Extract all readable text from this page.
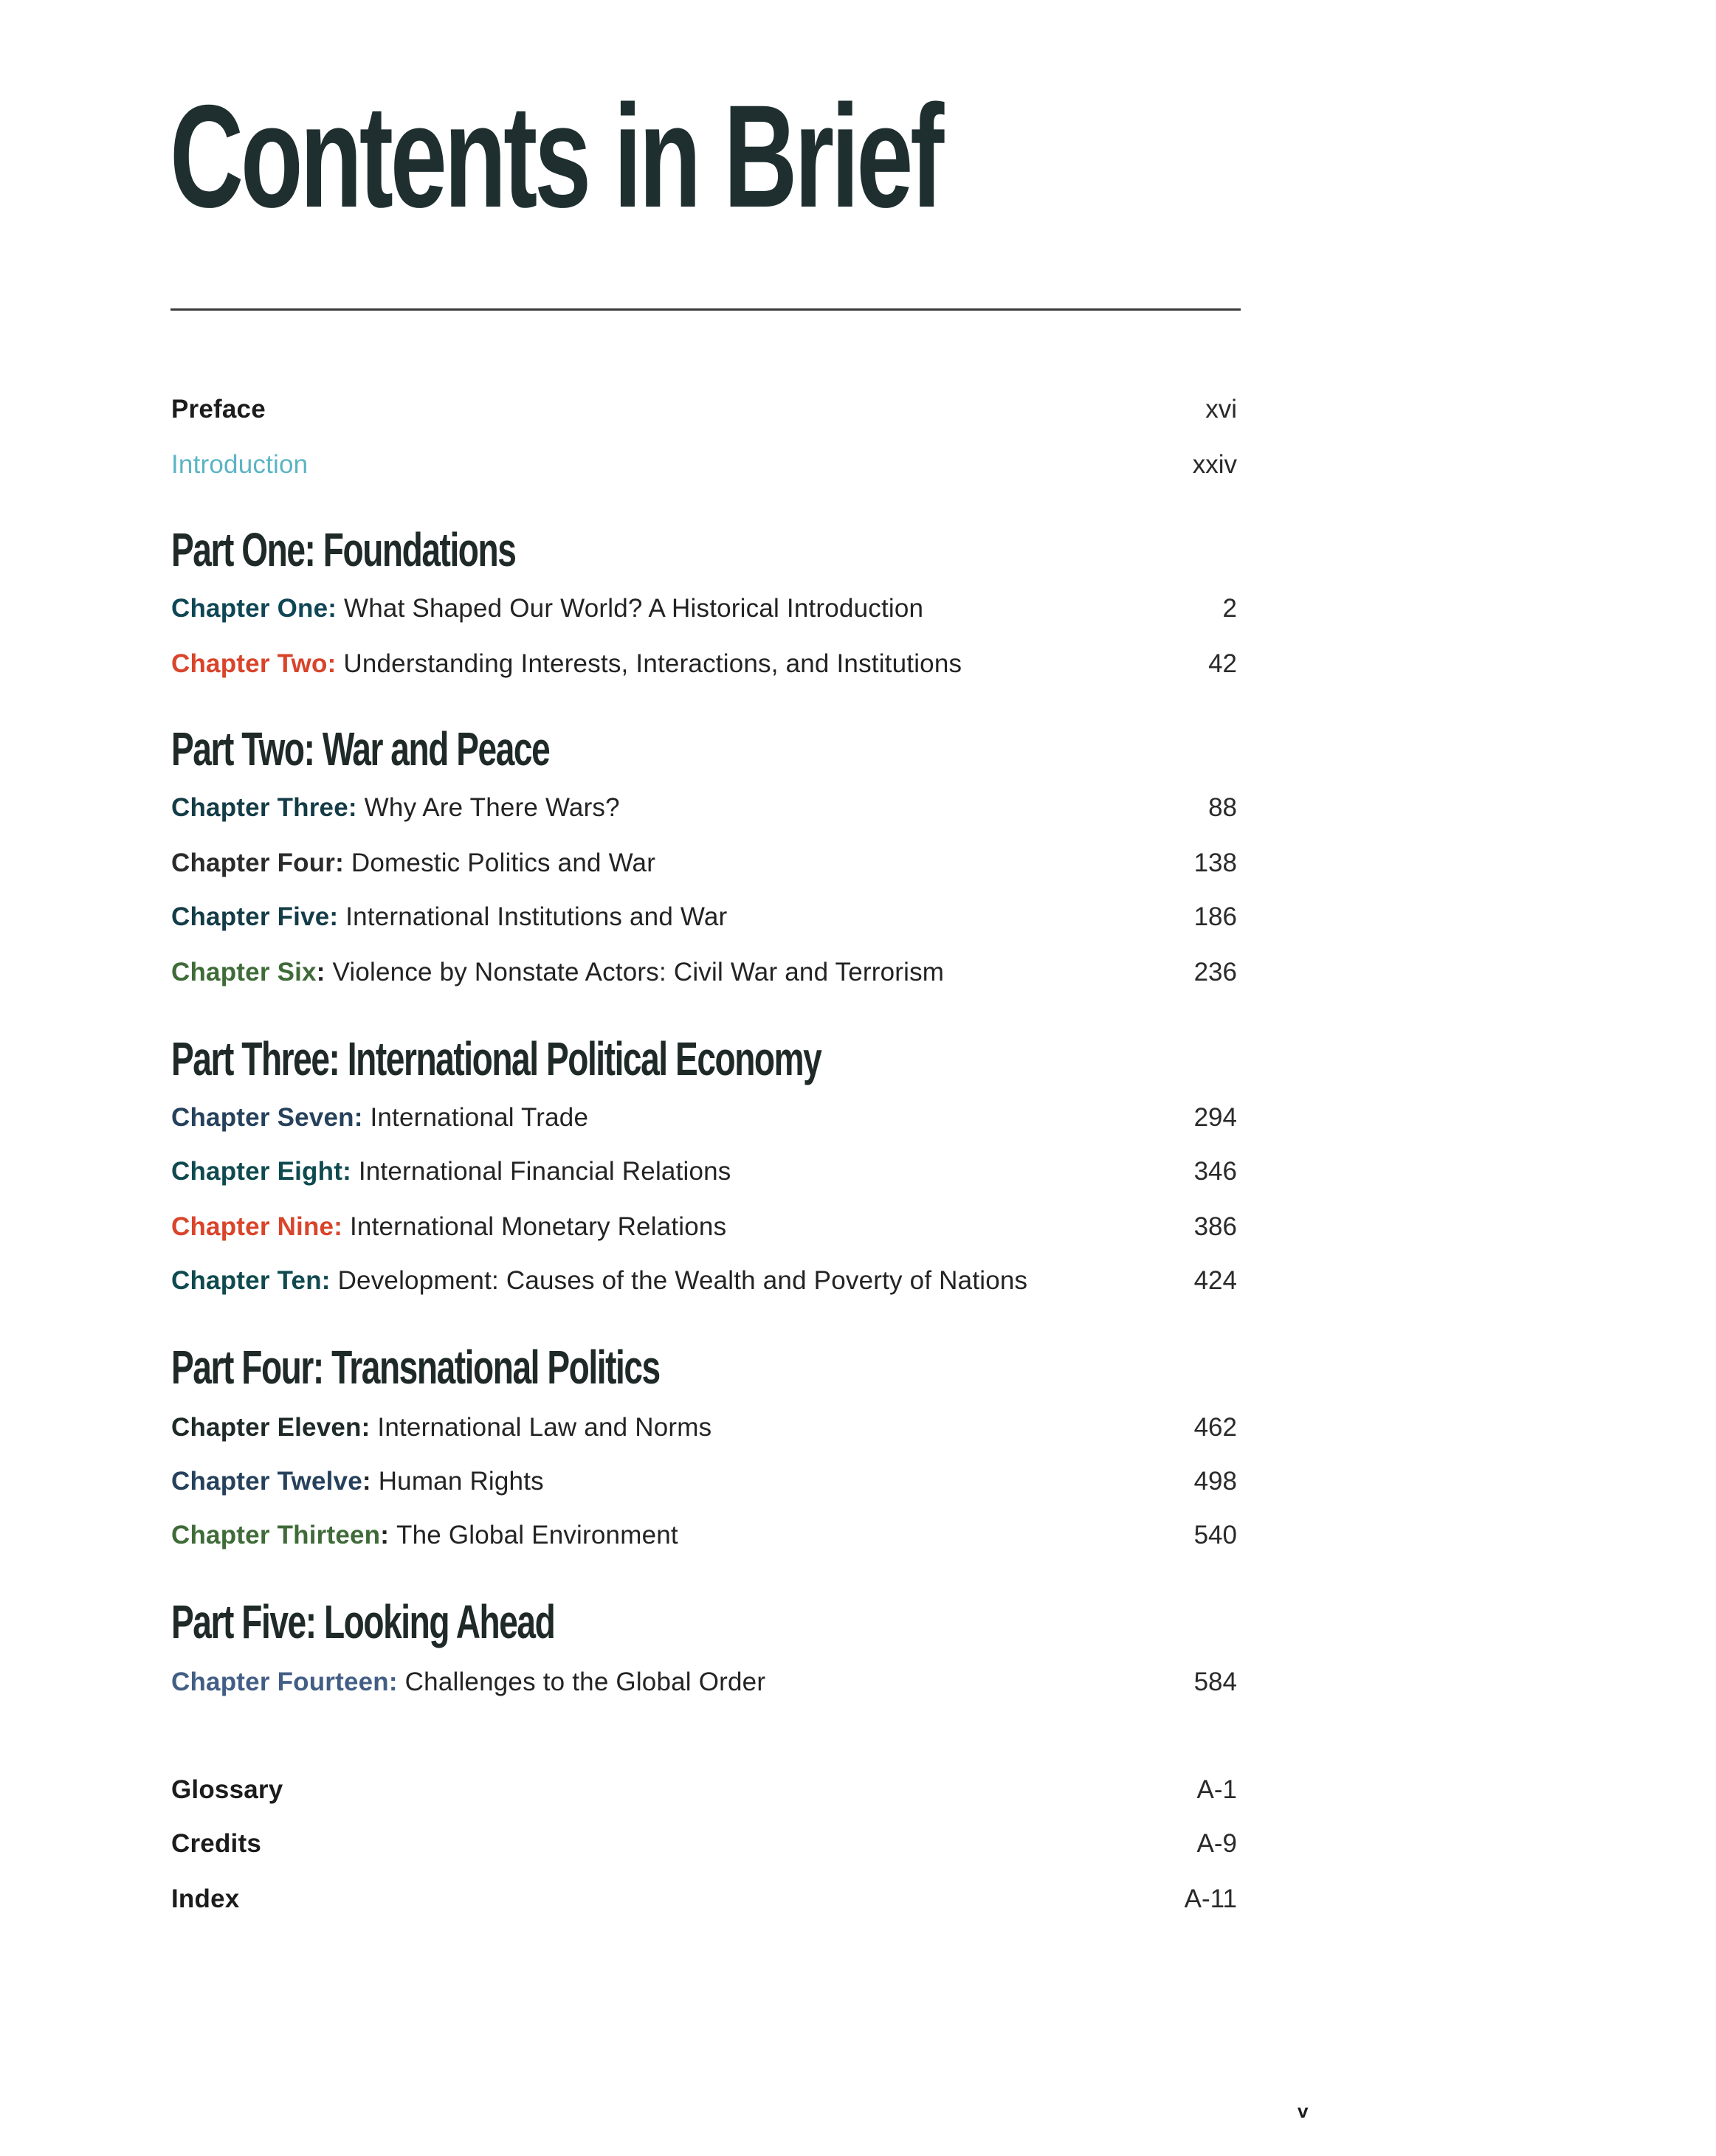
Contents in Brief
Preface	xvi
Introduction	xxiv
Part One: Foundations
Chapter One: What Shaped Our World? A Historical Introduction	2
Chapter Two: Understanding Interests, Interactions, and Institutions	42
Part Two: War and Peace
Chapter Three: Why Are There Wars?	88
Chapter Four: Domestic Politics and War	138
Chapter Five: International Institutions and War	186
Chapter Six: Violence by Nonstate Actors: Civil War and Terrorism	236
Part Three: International Political Economy
Chapter Seven: International Trade	294
Chapter Eight: International Financial Relations	346
Chapter Nine: International Monetary Relations	386
Chapter Ten: Development: Causes of the Wealth and Poverty of Nations	424
Part Four: Transnational Politics
Chapter Eleven: International Law and Norms	462
Chapter Twelve: Human Rights	498
Chapter Thirteen: The Global Environment	540
Part Five: Looking Ahead
Chapter Fourteen: Challenges to the Global Order	584
Glossary	A-1
Credits	A-9
Index	A-11
v
